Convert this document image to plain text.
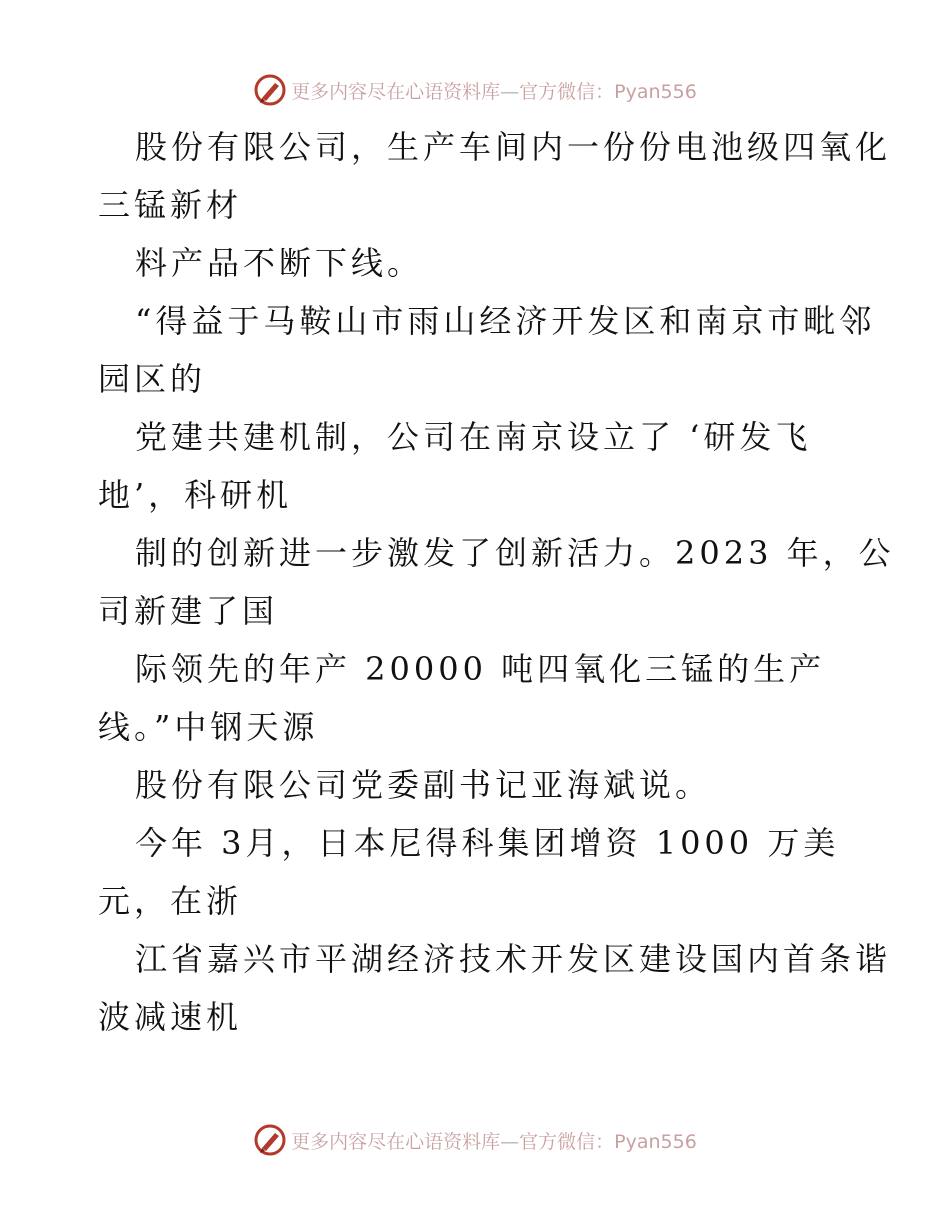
更多内容尽在心语资料库—官方微信：Pyan556
股份有限公司，生产车间内一份份电池级四氧化
三锰新材
料产品不断下线。
“得益于马鞍山市雨山经济开发区和南京市毗邻
园区的
党建共建机制，公司在南京设立了 ‘研发飞
地’，科研机
制的创新进一步激发了创新活力。2023 年，公
司新建了国
际领先的年产 20000 吨四氧化三锰的生产
线。”中钢天源
股份有限公司党委副书记亚海斌说。
今年 3月，日本尼得科集团增资 1000 万美
元，在浙
江省嘉兴市平湖经济技术开发区建设国内首条谐
波减速机
更多内容尽在心语资料库—官方微信：Pyan556
